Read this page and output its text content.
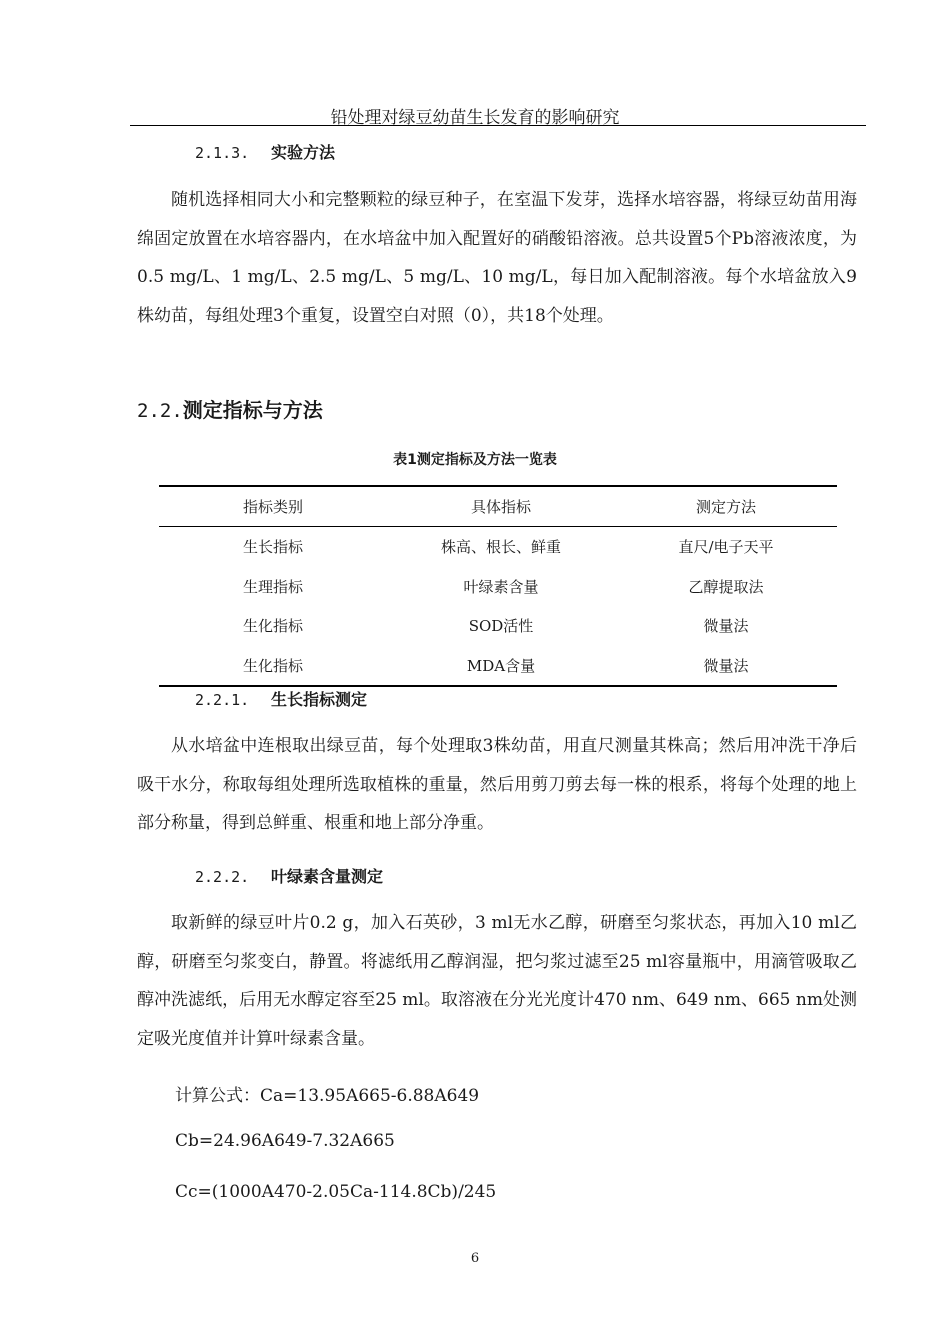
铅处理对绿豆幼苗生长发育的影响研究
2.1.3. 实验方法
随机选择相同大小和完整颗粒的绿豆种子，在室温下发芽，选择水培容器，将绿豆幼苗用海绵固定放置在水培容器内，在水培盆中加入配置好的硝酸铅溶液。总共设置5个Pb溶液浓度，为0.5 mg/L、1 mg/L、2.5 mg/L、5 mg/L、10 mg/L，每日加入配制溶液。每个水培盆放入9株幼苗，每组处理3个重复，设置空白对照（0），共18个处理。
2.2.测定指标与方法
表1测定指标及方法一览表
指标类别	具体指标	测定方法
生长指标	株高、根长、鲜重	直尺/电子天平
生理指标	叶绿素含量	乙醇提取法
生化指标	SOD活性	微量法
生化指标	MDA含量	微量法
2.2.1. 生长指标测定
从水培盆中连根取出绿豆苗，每个处理取3株幼苗，用直尺测量其株高；然后用冲洗干净后吸干水分，称取每组处理所选取植株的重量，然后用剪刀剪去每一株的根系，将每个处理的地上部分称量，得到总鲜重、根重和地上部分净重。
2.2.2. 叶绿素含量测定
取新鲜的绿豆叶片0.2 g，加入石英砂，3 ml无水乙醇，研磨至匀浆状态，再加入10 ml乙醇，研磨至匀浆变白，静置。将滤纸用乙醇润湿，把匀浆过滤至25 ml容量瓶中，用滴管吸取乙醇冲洗滤纸，后用无水醇定容至25 ml。取溶液在分光光度计470 nm、649 nm、665 nm处测定吸光度值并计算叶绿素含量。
计算公式：Ca=13.95A665-6.88A649
Cb=24.96A649-7.32A665
Cc=(1000A470-2.05Ca-114.8Cb)/245
6
